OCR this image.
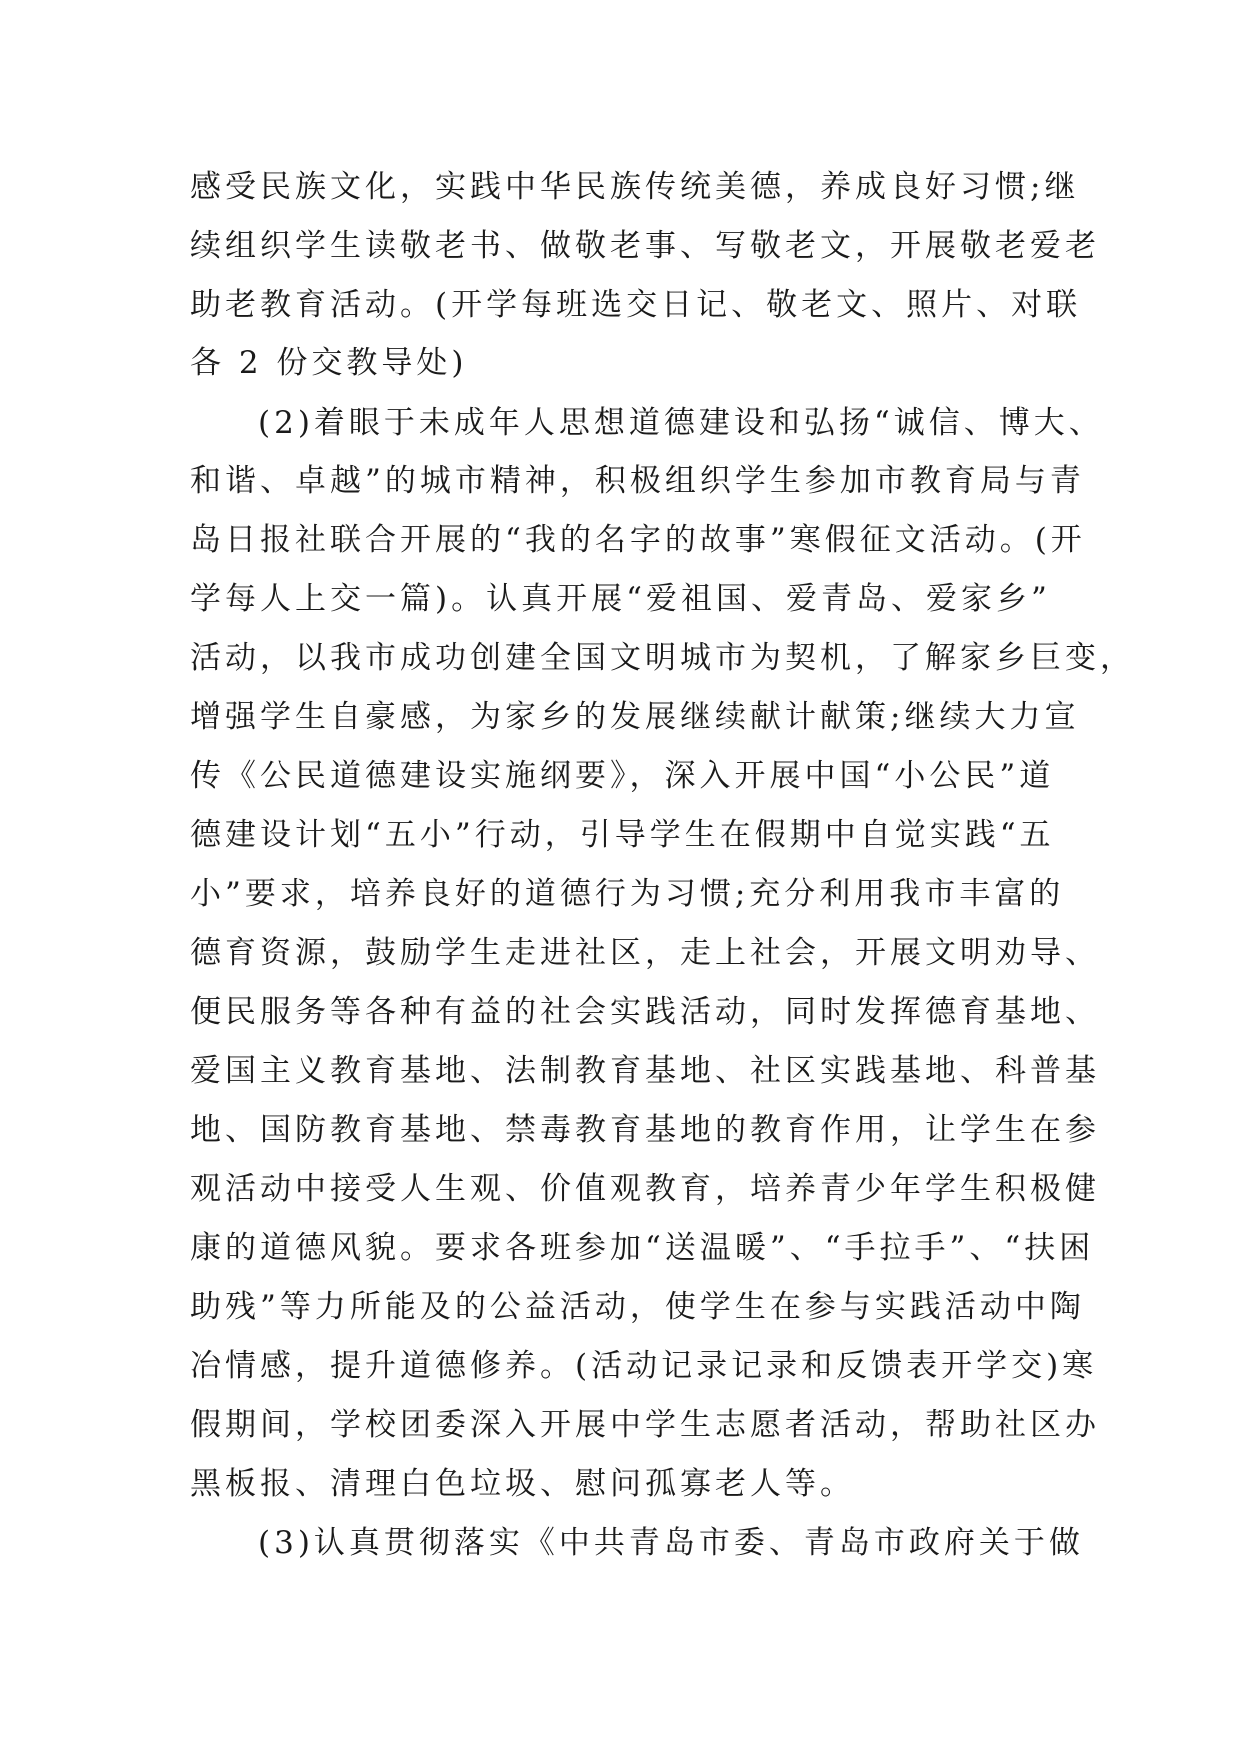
感受民族文化，实践中华民族传统美德，养成良好习惯;继
续组织学生读敬老书、做敬老事、写敬老文，开展敬老爱老
助老教育活动。(开学每班选交日记、敬老文、照片、对联
各 2 份交教导处)
(2)着眼于未成年人思想道德建设和弘扬“诚信、博大、
和谐、卓越”的城市精神，积极组织学生参加市教育局与青
岛日报社联合开展的“我的名字的故事”寒假征文活动。(开
学每人上交一篇)。认真开展“爱祖国、爱青岛、爱家乡”
活动，以我市成功创建全国文明城市为契机，了解家乡巨变，
增强学生自豪感，为家乡的发展继续献计献策;继续大力宣
传《公民道德建设实施纲要》，深入开展中国“小公民”道
德建设计划“五小”行动，引导学生在假期中自觉实践“五
小”要求，培养良好的道德行为习惯;充分利用我市丰富的
德育资源，鼓励学生走进社区，走上社会，开展文明劝导、
便民服务等各种有益的社会实践活动，同时发挥德育基地、
爱国主义教育基地、法制教育基地、社区实践基地、科普基
地、国防教育基地、禁毒教育基地的教育作用，让学生在参
观活动中接受人生观、价值观教育，培养青少年学生积极健
康的道德风貌。要求各班参加“送温暖”、“手拉手”、“扶困
助残”等力所能及的公益活动，使学生在参与实践活动中陶
冶情感，提升道德修养。(活动记录记录和反馈表开学交)寒
假期间，学校团委深入开展中学生志愿者活动，帮助社区办
黑板报、清理白色垃圾、慰问孤寡老人等。
(3)认真贯彻落实《中共青岛市委、青岛市政府关于做
